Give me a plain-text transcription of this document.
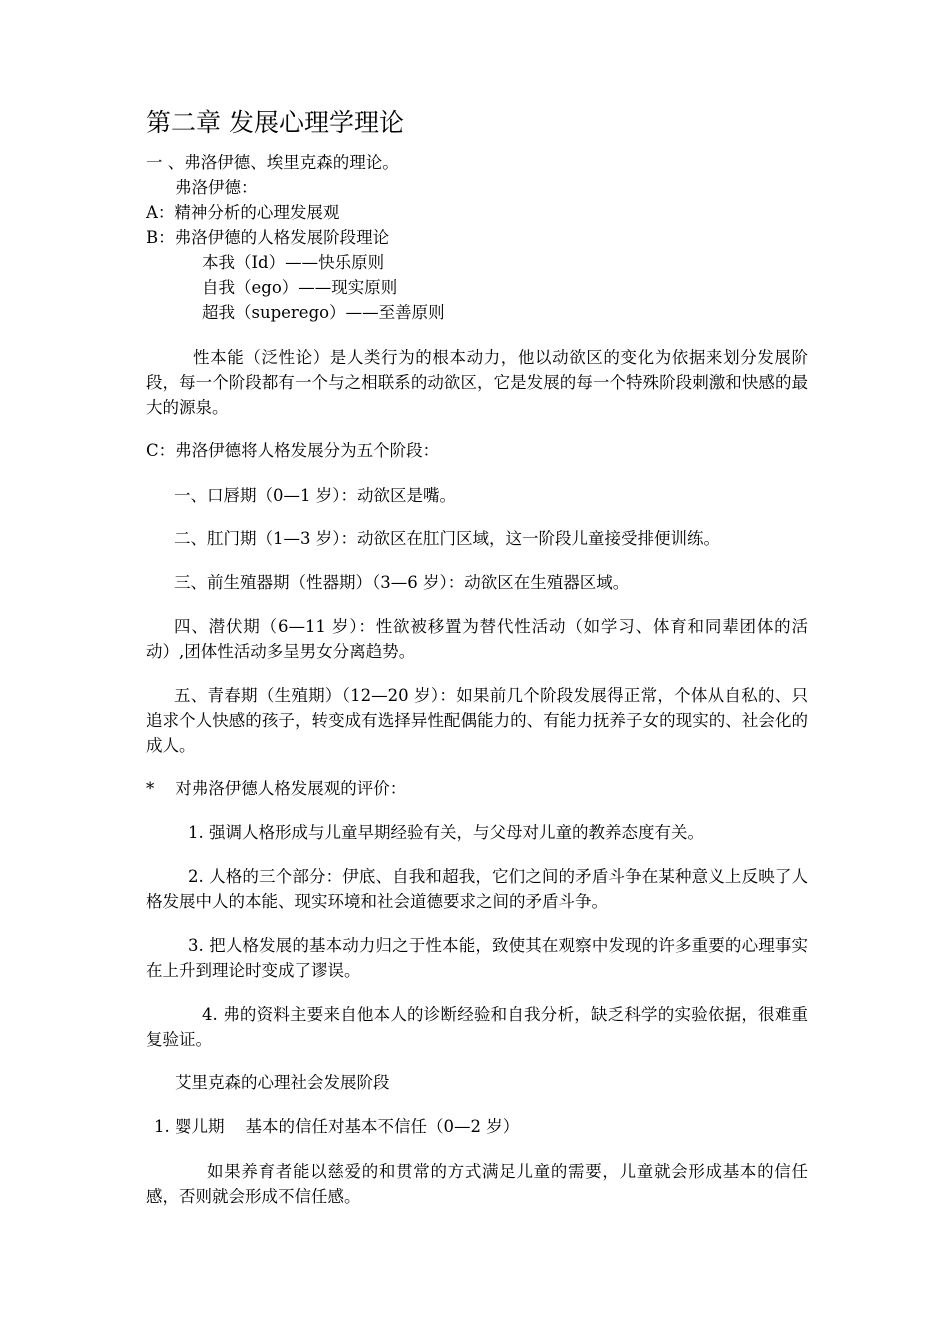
第二章 发展心理学理论
一 、弗洛伊德、埃里克森的理论。
弗洛伊德：
A：精神分析的心理发展观
B：弗洛伊德的人格发展阶段理论
本我（Id）——快乐原则
自我（ego）——现实原则
超我（superego）——至善原则

性本能（泛性论）是人类行为的根本动力，他以动欲区的变化为依据来划分发展阶段，每一个阶段都有一个与之相联系的动欲区，它是发展的每一个特殊阶段刺激和快感的最大的源泉。

C：弗洛伊德将人格发展分为五个阶段：

一、口唇期（0—1 岁）：动欲区是嘴。

二、肛门期（1—3 岁）：动欲区在肛门区域，这一阶段儿童接受排便训练。

三、前生殖器期（性器期）（3—6 岁）：动欲区在生殖器区域。

四、潜伏期（6—11 岁）：性欲被移置为替代性活动（如学习、体育和同辈团体的活动）,团体性活动多呈男女分离趋势。

五、青春期（生殖期）（12—20 岁）：如果前几个阶段发展得正常，个体从自私的、只追求个人快感的孩子，转变成有选择异性配偶能力的、有能力抚养子女的现实的、社会化的成人。

*    对弗洛伊德人格发展观的评价：

1. 强调人格形成与儿童早期经验有关，与父母对儿童的教养态度有关。

2. 人格的三个部分：伊底、自我和超我，它们之间的矛盾斗争在某种意义上反映了人格发展中人的本能、现实环境和社会道德要求之间的矛盾斗争。

3. 把人格发展的基本动力归之于性本能，致使其在观察中发现的许多重要的心理事实在上升到理论时变成了谬误。

4. 弗的资料主要来自他本人的诊断经验和自我分析，缺乏科学的实验依据，很难重复验证。

艾里克森的心理社会发展阶段
1. 婴儿期    基本的信任对基本不信任（0—2 岁）

如果养育者能以慈爱的和贯常的方式满足儿童的需要，儿童就会形成基本的信任感，否则就会形成不信任感。
